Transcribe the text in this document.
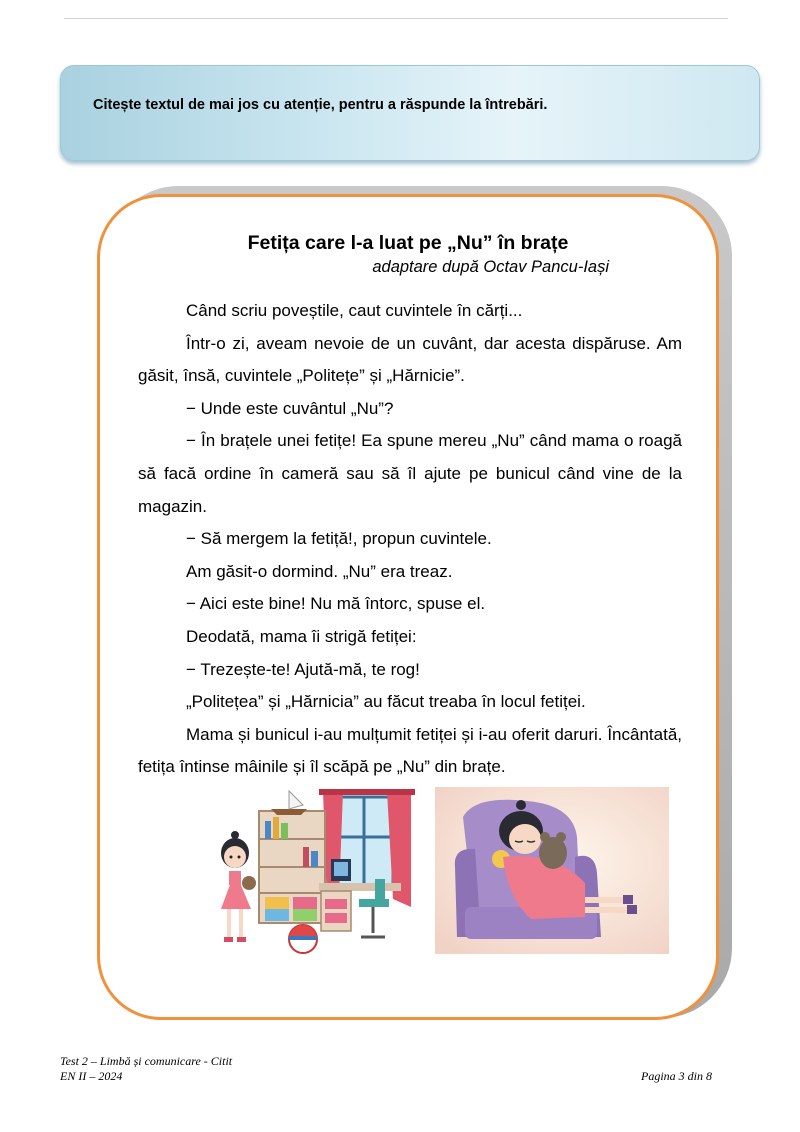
Citește textul de mai jos cu atenție, pentru a răspunde la întrebări.
Fetița care l-a luat pe „Nu” în brațe
adaptare după Octav Pancu-Iași

Când scriu poveștile, caut cuvintele în cărți...

Într-o zi, aveam nevoie de un cuvânt, dar acesta dispăruse. Am găsit, însă, cuvintele „Politețe” și „Hărnicie”.

− Unde este cuvântul „Nu”?

− În brațele unei fetițe! Ea spune mereu „Nu” când mama o roagă să facă ordine în cameră sau să îl ajute pe bunicul când vine de la magazin.

− Să mergem la fetiță!, propun cuvintele.

Am găsit-o dormind. „Nu” era treaz.

− Aici este bine! Nu mă întorc, spuse el.

Deodată, mama îi strigă fetiței:

− Trezește-te! Ajută-mă, te rog!

„Politețea” și „Hărnicia” au făcut treaba în locul fetiței.

Mama și bunicul i-au mulțumit fetiței și i-au oferit daruri. Încântată, fetița întinse mâinile și îl scăpă pe „Nu” din brațe.

Test 2 – Limbă și comunicare - Citit
EN II – 2024	Pagina 3 din 8
